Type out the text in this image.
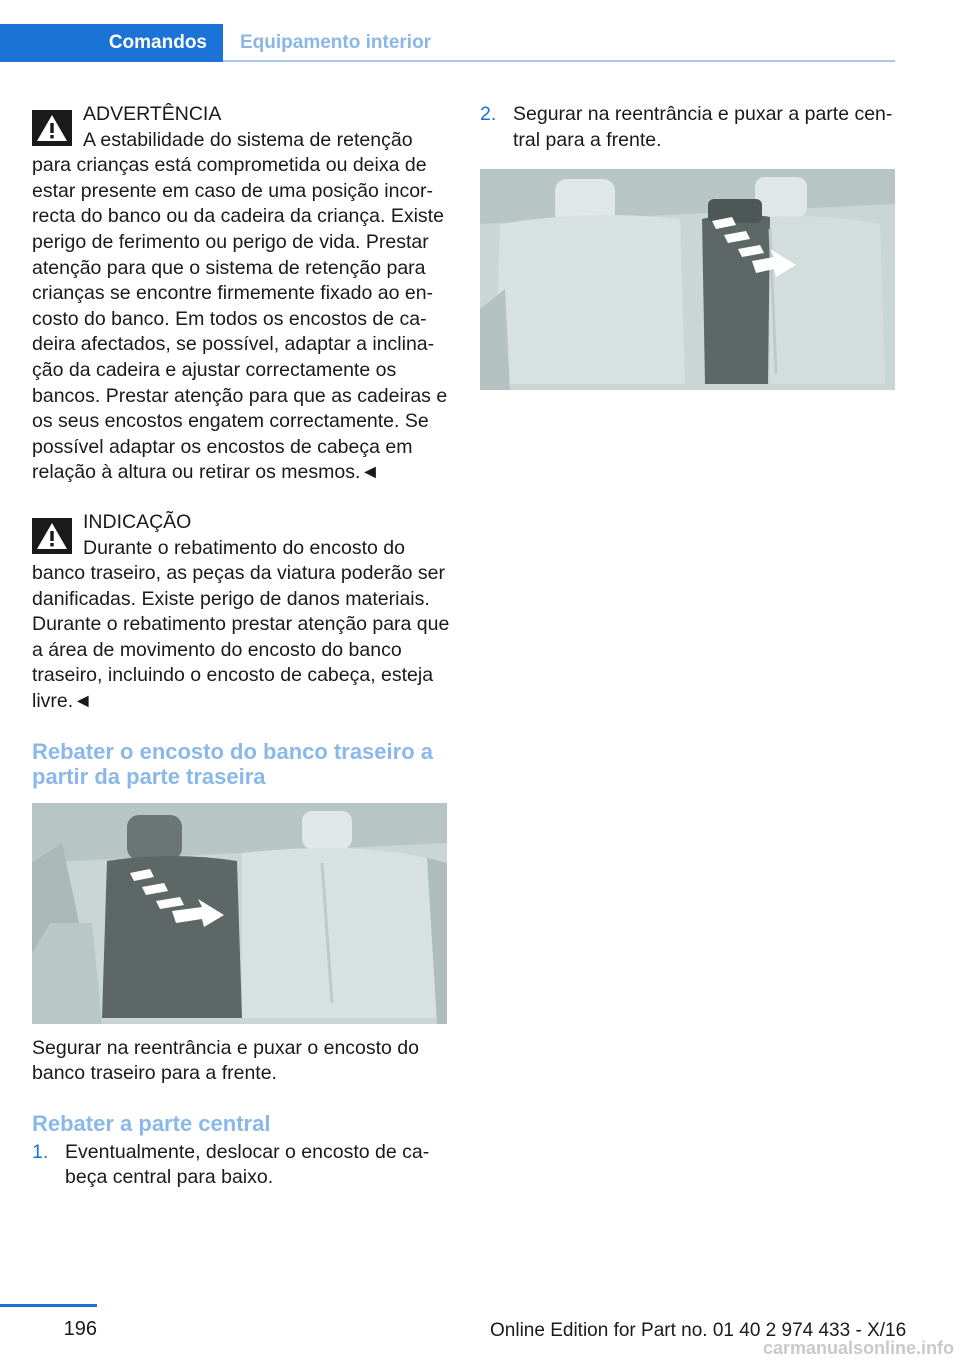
Comandos	Equipamento interior

ADVERTÊNCIA

A estabilidade do sistema de retenção

para crianças está comprometida ou deixa de estar presente em caso de uma posição incor-recta do banco ou da cadeira da criança. Existe perigo de ferimento ou perigo de vida. Prestar atenção para que o sistema de retenção para crianças se encontre firmemente fixado ao en-costo do banco. Em todos os encostos de ca-deira afectados, se possível, adaptar a inclina-ção da cadeira e ajustar correctamente os bancos. Prestar atenção para que as cadeiras e os seus encostos engatem correctamente. Se possível adaptar os encostos de cabeça em relação à altura ou retirar os mesmos.◄

INDICAÇÃO

Durante o rebatimento do encosto do

banco traseiro, as peças da viatura poderão ser danificadas. Existe perigo de danos materiais. Durante o rebatimento prestar atenção para que a área de movimento do encosto do banco traseiro, incluindo o encosto de cabeça, esteja livre.◄

Rebater o encosto do banco traseiro a partir da parte traseira

Segurar na reentrância e puxar o encosto do banco traseiro para a frente.

Rebater a parte central
1. Eventualmente, deslocar o encosto de ca-beça central para baixo.
2. Segurar na reentrância e puxar a parte cen-tral para a frente.
196	Online Edition for Part no. 01 40 2 974 433 - X/16
carmanualsonline.info
